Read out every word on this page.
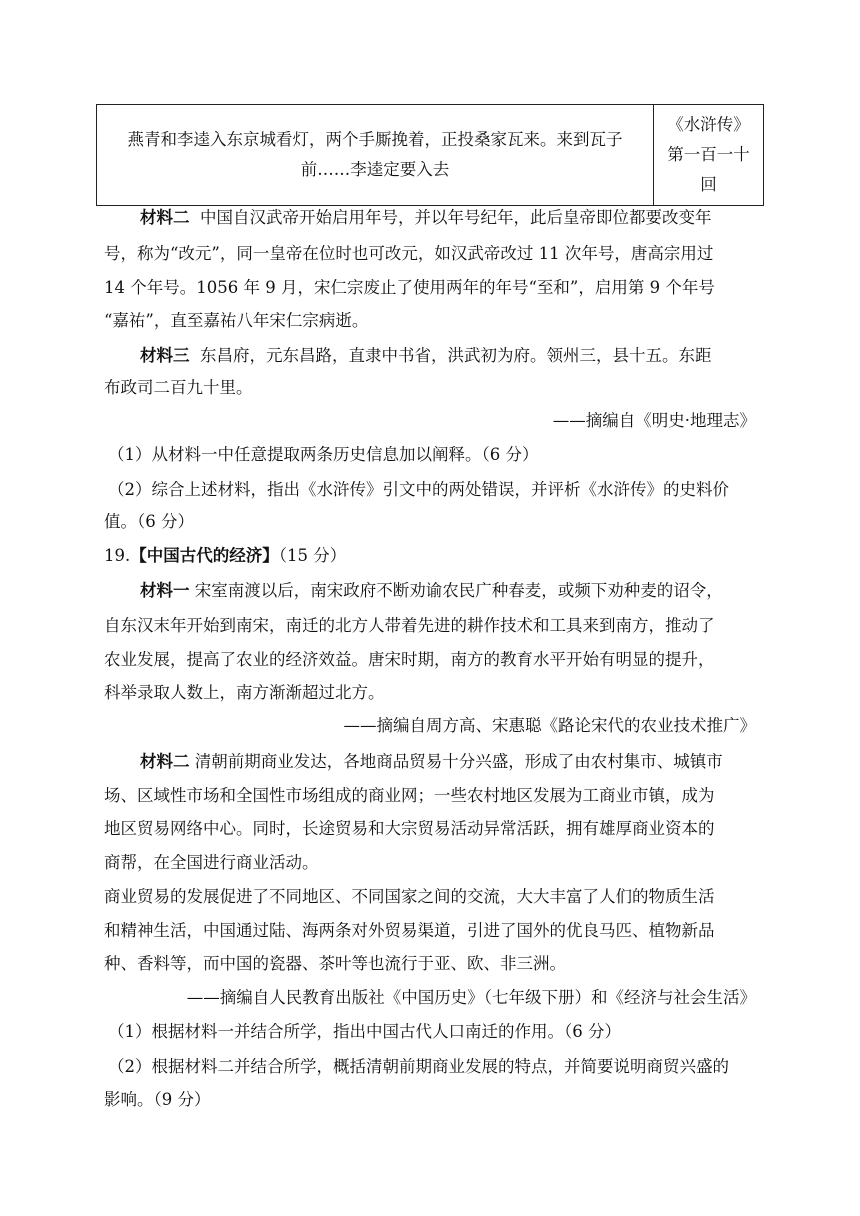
燕青和李逵入东京城看灯，两个手厮挽着，正投桑家瓦来。来到瓦子
前……李逵定要入去

《水浒传》
第一百一十
回
材料二 中国自汉武帝开始启用年号，并以年号纪年，此后皇帝即位都要改变年
号，称为“改元”，同一皇帝在位时也可改元，如汉武帝改过 11 次年号，唐高宗用过
14 个年号。1056 年 9 月，宋仁宗废止了使用两年的年号“至和”，启用第 9 个年号
“嘉祐”，直至嘉祐八年宋仁宗病逝。
材料三 东昌府，元东昌路，直隶中书省，洪武初为府。领州三，县十五。东距
布政司二百九十里。
——摘编自《明史·地理志》
（1）从材料一中任意提取两条历史信息加以阐释。（6 分）
（2）综合上述材料，指出《水浒传》引文中的两处错误，并评析《水浒传》的史料价
值。（6 分）
19.【中国古代的经济】（15 分）
材料一 宋室南渡以后，南宋政府不断劝谕农民广种春麦，或频下劝种麦的诏令，
自东汉末年开始到南宋，南迁的北方人带着先进的耕作技术和工具来到南方，推动了
农业发展，提高了农业的经济效益。唐宋时期，南方的教育水平开始有明显的提升，
科举录取人数上，南方渐渐超过北方。
——摘编自周方高、宋惠聪《路论宋代的农业技术推广》
材料二 清朝前期商业发达，各地商品贸易十分兴盛，形成了由农村集市、城镇市
场、区域性市场和全国性市场组成的商业网；一些农村地区发展为工商业市镇，成为
地区贸易网络中心。同时，长途贸易和大宗贸易活动异常活跃，拥有雄厚商业资本的
商帮，在全国进行商业活动。
商业贸易的发展促进了不同地区、不同国家之间的交流，大大丰富了人们的物质生活
和精神生活，中国通过陆、海两条对外贸易渠道，引进了国外的优良马匹、植物新品
种、香料等，而中国的瓷器、茶叶等也流行于亚、欧、非三洲。
——摘编自人民教育出版社《中国历史》（七年级下册）和《经济与社会生活》
（1）根据材料一并结合所学，指出中国古代人口南迁的作用。（6 分）
（2）根据材料二并结合所学，概括清朝前期商业发展的特点，并简要说明商贸兴盛的
影响。（9 分）
